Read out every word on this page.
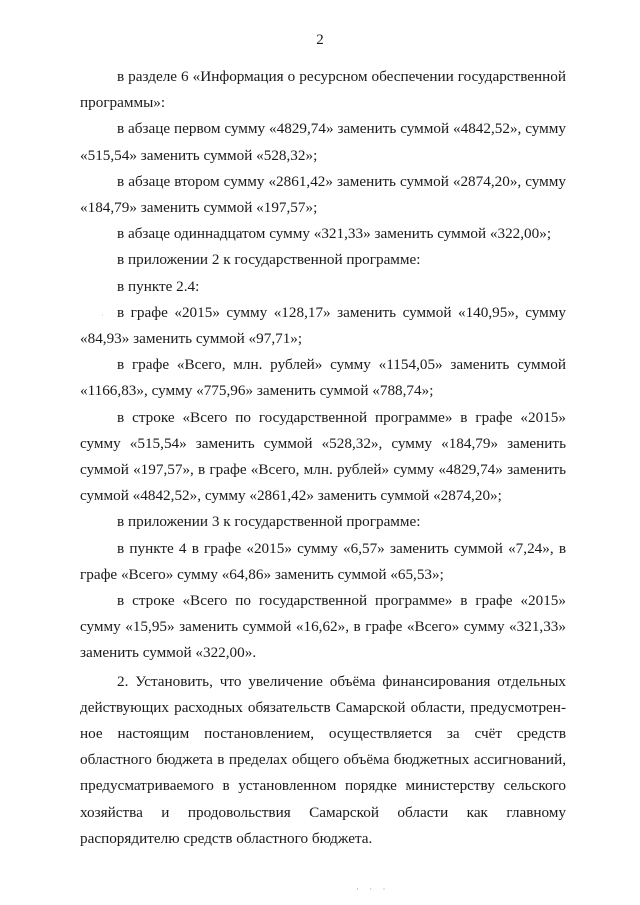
2

в разделе 6 «Информация о ресурсном обеспечении государственной программы»:

в абзаце первом сумму «4829,74» заменить суммой «4842,52», сумму «515,54» заменить суммой «528,32»;

в абзаце втором сумму «2861,42» заменить суммой «2874,20», сумму «184,79» заменить суммой «197,57»;

в абзаце одиннадцатом сумму «321,33» заменить суммой «322,00»;

в приложении 2 к государственной программе:

в пункте 2.4:

в графе «2015» сумму «128,17» заменить суммой «140,95», сумму «84,93» заменить суммой «97,71»;

в графе «Всего, млн. рублей» сумму «1154,05» заменить суммой «1166,83», сумму «775,96» заменить суммой «788,74»;

в строке «Всего по государственной программе» в графе «2015» сумму «515,54» заменить суммой «528,32», сумму «184,79» заменить суммой «197,57», в графе «Всего, млн. рублей» сумму «4829,74» заменить суммой «4842,52», сумму «2861,42» заменить суммой «2874,20»;

в приложении 3 к государственной программе:

в пункте 4 в графе «2015» сумму «6,57» заменить суммой «7,24», в графе «Всего» сумму «64,86» заменить суммой «65,53»;

в строке «Всего по государственной программе» в графе «2015» сумму «15,95» заменить суммой «16,62», в графе «Всего» сумму «321,33» заменить суммой «322,00».

2. Установить, что увеличение объёма финансирования отдельных действующих расходных обязательств Самарской области, предусмотренное настоящим постановлением, осуществляется за счёт средств областного бюджета в пределах общего объёма бюджетных ассигнований, предусматриваемого в установленном порядке министерству сельского хозяйства и продовольствия Самарской области как главному распорядителю средств областного бюджета.

·
· · ·
